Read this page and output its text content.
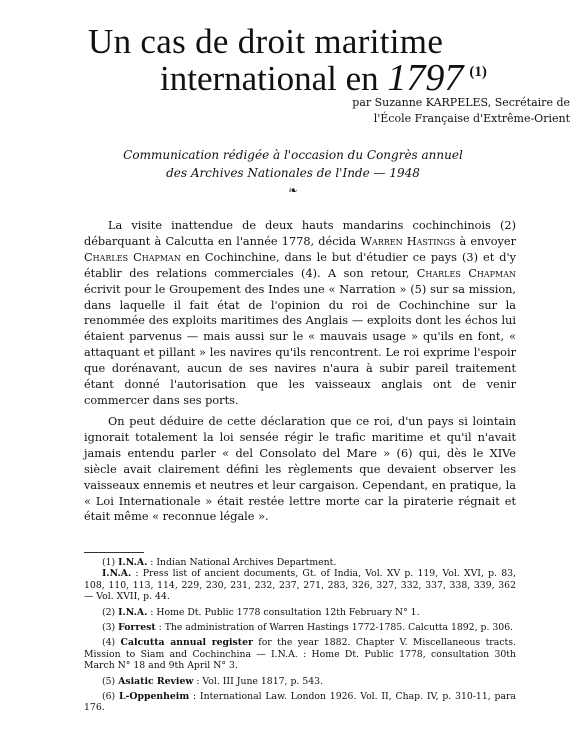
Un cas de droit maritime
international en 1797 $^{(1)}$
par Suzanne KARPELES, Secrétaire de
l'École Française d'Extrême-Orient
Communication rédigée à l'occasion du Congrès annuel
des Archives Nationales de l'Inde — 1948
❧

La visite inattendue de deux hauts mandarins cochinchinois (2) débarquant à Calcutta en l'année 1778, décida Warren Hastings à envoyer Charles Chapman en Cochinchine, dans le but d'étudier ce pays (3) et d'y établir des relations commerciales (4). A son retour, Charles Chapman écrivit pour le Groupement des Indes une « Narration » (5) sur sa mission, dans laquelle il fait état de l'opinion du roi de Cochinchine sur la renommée des exploits maritimes des Anglais — exploits dont les échos lui étaient parvenus — mais aussi sur le « mauvais usage » qu'ils en font, « attaquant et pillant » les navires qu'ils rencontrent. Le roi exprime l'espoir que dorénavant, aucun de ses navires n'aura à subir pareil traitement étant donné l'autorisation que les vaisseaux anglais ont de venir commercer dans ses ports.

On peut déduire de cette déclaration que ce roi, d'un pays si lointain ignorait totalement la loi sensée régir le trafic maritime et qu'il n'avait jamais entendu parler « del Consolato del Mare » (6) qui, dès le XIVe siècle avait clairement défini les règlements que devaient observer les vaisseaux ennemis et neutres et leur cargaison. Cependant, en pratique, la « Loi Internationale » était restée lettre morte car la piraterie régnait et était même « reconnue légale ».

(1) I.N.A. : Indian National Archives Department.
I.N.A. : Press list of ancient documents, Gt. of India, Vol. XV p. 119, Vol. XVI, p. 83, 108, 110, 113, 114, 229, 230, 231, 232, 237, 271, 283, 326, 327, 332, 337, 338, 339, 362 — Vol. XVII, p. 44.
(2) I.N.A. : Home Dt. Public 1778 consultation 12th February N° 1.
(3) Forrest : The administration of Warren Hastings 1772-1785. Calcutta 1892, p. 306.
(4) Calcutta annual register for the year 1882. Chapter V. Miscellaneous tracts. Mission to Siam and Cochinchina — I.N.A. : Home Dt. Public 1778, consultation 30th March N° 18 and 9th April N° 3.
(5) Asiatic Review : Vol. III June 1817, p. 543.
(6) L-Oppenheim : International Law. London 1926. Vol. II, Chap. IV, p. 310-11, para 176.
